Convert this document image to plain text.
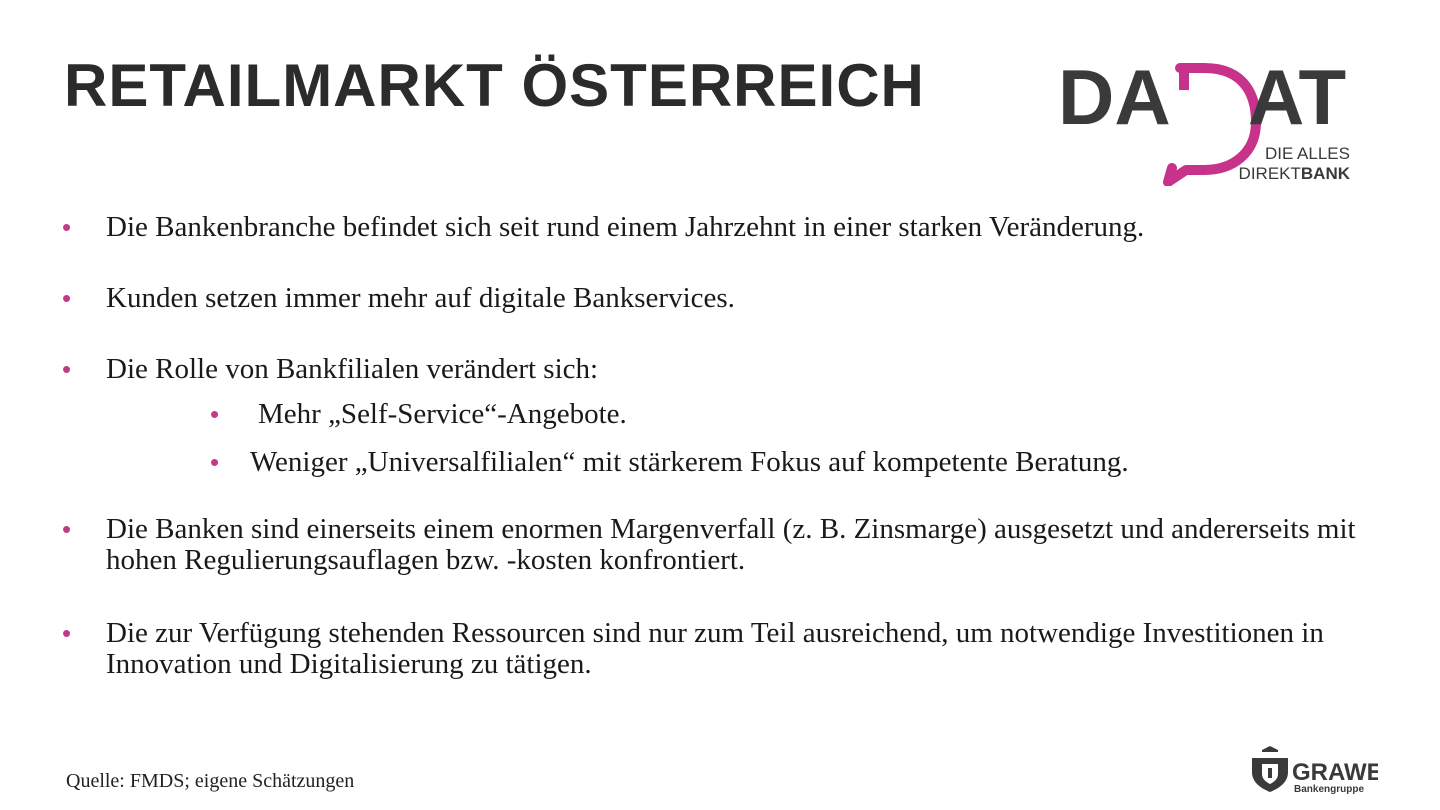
RETAILMARKT ÖSTERREICH DA AT
DIE ALLES
DIREKTBANK
• Die Bankenbranche befindet sich seit rund einem Jahrzehnt in einer starken Veränderung.
• Kunden setzen immer mehr auf digitale Bankservices.
• Die Rolle von Bankfilialen verändert sich:
• Mehr „Self-Service“-Angebote.
• Weniger „Universalfilialen“ mit stärkerem Fokus auf kompetente Beratung.
• Die Banken sind einerseits einem enormen Margenverfall (z. B. Zinsmarge) ausgesetzt und andererseits mit hohen Regulierungsauflagen bzw. -kosten konfrontiert.
• Die zur Verfügung stehenden Ressourcen sind nur zum Teil ausreichend, um notwendige Investitionen in Innovation und Digitalisierung zu tätigen.
Quelle: FMDS; eigene Schätzungen	GRAWE
Bankengruppe
